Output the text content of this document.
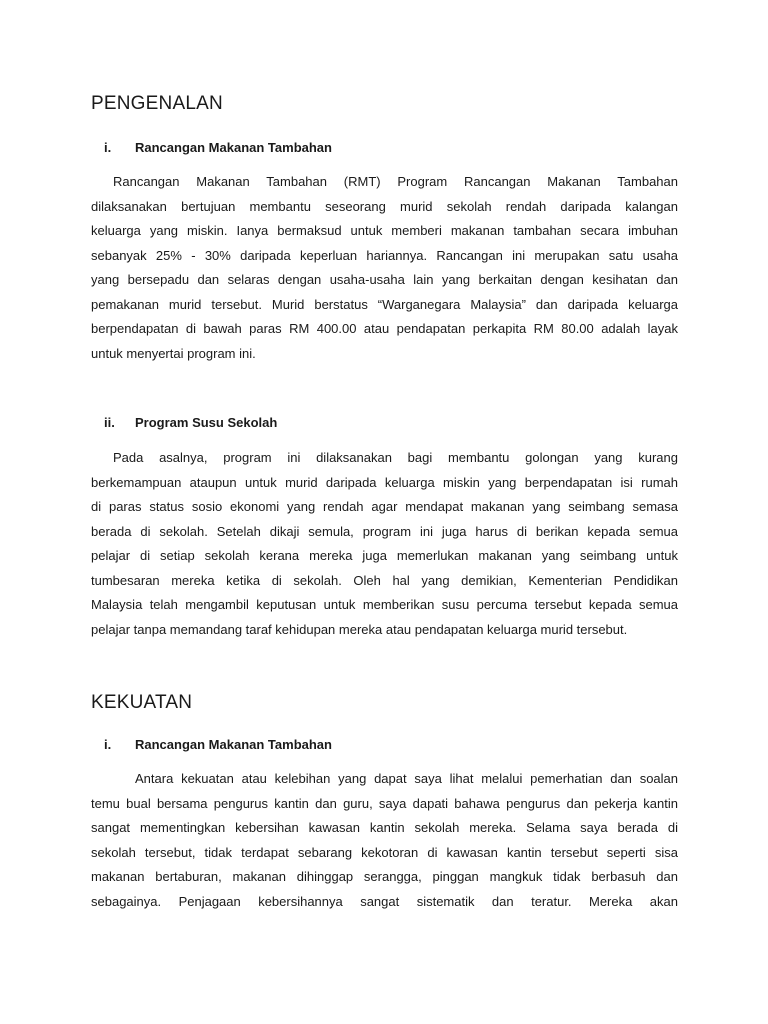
PENGENALAN
i. Rancangan Makanan Tambahan
Rancangan Makanan Tambahan (RMT) Program Rancangan Makanan Tambahan
dilaksanakan bertujuan membantu seseorang murid sekolah rendah daripada kalangan
keluarga yang miskin. Ianya bermaksud untuk memberi makanan tambahan secara imbuhan
sebanyak 25% - 30% daripada keperluan hariannya. Rancangan ini merupakan satu usaha
yang bersepadu dan selaras dengan usaha-usaha lain yang berkaitan dengan kesihatan dan
pemakanan murid tersebut. Murid berstatus “Warganegara Malaysia” dan daripada keluarga
berpendapatan di bawah paras RM 400.00 atau pendapatan perkapita RM 80.00 adalah layak
untuk menyertai program ini.
ii. Program Susu Sekolah
Pada asalnya, program ini dilaksanakan bagi membantu golongan yang kurang
berkemampuan ataupun untuk murid daripada keluarga miskin yang berpendapatan isi rumah
di paras status sosio ekonomi yang rendah agar mendapat makanan yang seimbang semasa
berada di sekolah. Setelah dikaji semula, program ini juga harus di berikan kepada semua
pelajar di setiap sekolah kerana mereka juga memerlukan makanan yang seimbang untuk
tumbesaran mereka ketika di sekolah. Oleh hal yang demikian, Kementerian Pendidikan
Malaysia telah mengambil keputusan untuk memberikan susu percuma tersebut kepada semua
pelajar tanpa memandang taraf kehidupan mereka atau pendapatan keluarga murid tersebut.
KEKUATAN
i. Rancangan Makanan Tambahan
Antara kekuatan atau kelebihan yang dapat saya lihat melalui pemerhatian dan soalan
temu bual bersama pengurus kantin dan guru, saya dapati bahawa pengurus dan pekerja kantin
sangat mementingkan kebersihan kawasan kantin sekolah mereka. Selama saya berada di
sekolah tersebut, tidak terdapat sebarang kekotoran di kawasan kantin tersebut seperti sisa
makanan bertaburan, makanan dihinggap serangga, pinggan mangkuk tidak berbasuh dan
sebagainya. Penjagaan kebersihannya sangat sistematik dan teratur. Mereka akan
